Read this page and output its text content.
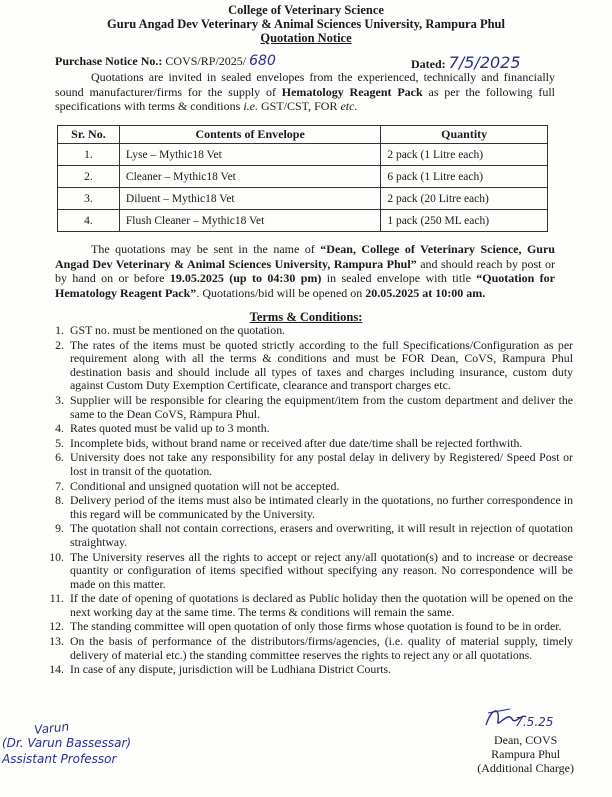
College of Veterinary Science
Guru Angad Dev Veterinary & Animal Sciences University, Rampura Phul
Quotation Notice
Purchase Notice No.: COVS/RP/2025/ 680	Dated: 7/5/2025
Quotations are invited in sealed envelopes from the experienced, technically and financially sound manufacturer/firms for the supply of Hematology Reagent Pack as per the following full specifications with terms & conditions i.e. GST/CST, FOR etc.
Sr. No.	Contents of Envelope	Quantity
1.	Lyse – Mythic18 Vet	2 pack (1 Litre each)
2.	Cleaner – Mythic18 Vet	6 pack (1 Litre each)
3.	Diluent – Mythic18 Vet	2 pack (20 Litre each)
4.	Flush Cleaner – Mythic18 Vet	1 pack (250 ML each)
The quotations may be sent in the name of “Dean, College of Veterinary Science, Guru Angad Dev Veterinary & Animal Sciences University, Rampura Phul” and should reach by post or by hand on or before 19.05.2025 (up to 04:30 pm) in sealed envelope with title “Quotation for Hematology Reagent Pack”. Quotations/bid will be opened on 20.05.2025 at 10:00 am.
Terms & Conditions:
1. GST no. must be mentioned on the quotation.
2. The rates of the items must be quoted strictly according to the full Specifications/Configuration as per requirement along with all the terms & conditions and must be FOR Dean, CoVS, Rampura Phul destination basis and should include all types of taxes and charges including insurance, custom duty against Custom Duty Exemption Certificate, clearance and transport charges etc.
3. Supplier will be responsible for clearing the equipment/item from the custom department and deliver the same to the Dean CoVS, Rampura Phul.
4. Rates quoted must be valid up to 3 month.
5. Incomplete bids, without brand name or received after due date/time shall be rejected forthwith.
6. University does not take any responsibility for any postal delay in delivery by Registered/ Speed Post or lost in transit of the quotation.
7. Conditional and unsigned quotation will not be accepted.
8. Delivery period of the items must also be intimated clearly in the quotations, no further correspondence in this regard will be communicated by the University.
9. The quotation shall not contain corrections, erasers and overwriting, it will result in rejection of quotation straightway.
10. The University reserves all the rights to accept or reject any/all quotation(s) and to increase or decrease quantity or configuration of items specified without specifying any reason. No correspondence will be made on this matter.
11. If the date of opening of quotations is declared as Public holiday then the quotation will be opened on the next working day at the same time. The terms & conditions will remain the same.
12. The standing committee will open quotation of only those firms whose quotation is found to be in order.
13. On the basis of performance of the distributors/firms/agencies, (i.e. quality of material supply, timely delivery of material etc.) the standing committee reserves the rights to reject any or all quotations.
14. In case of any dispute, jurisdiction will be Ludhiana District Courts.
Varun
(Dr. Varun Bassessar)
Assistant Professor
7.5.25
Dean, COVS
Rampura Phul
(Additional Charge)
